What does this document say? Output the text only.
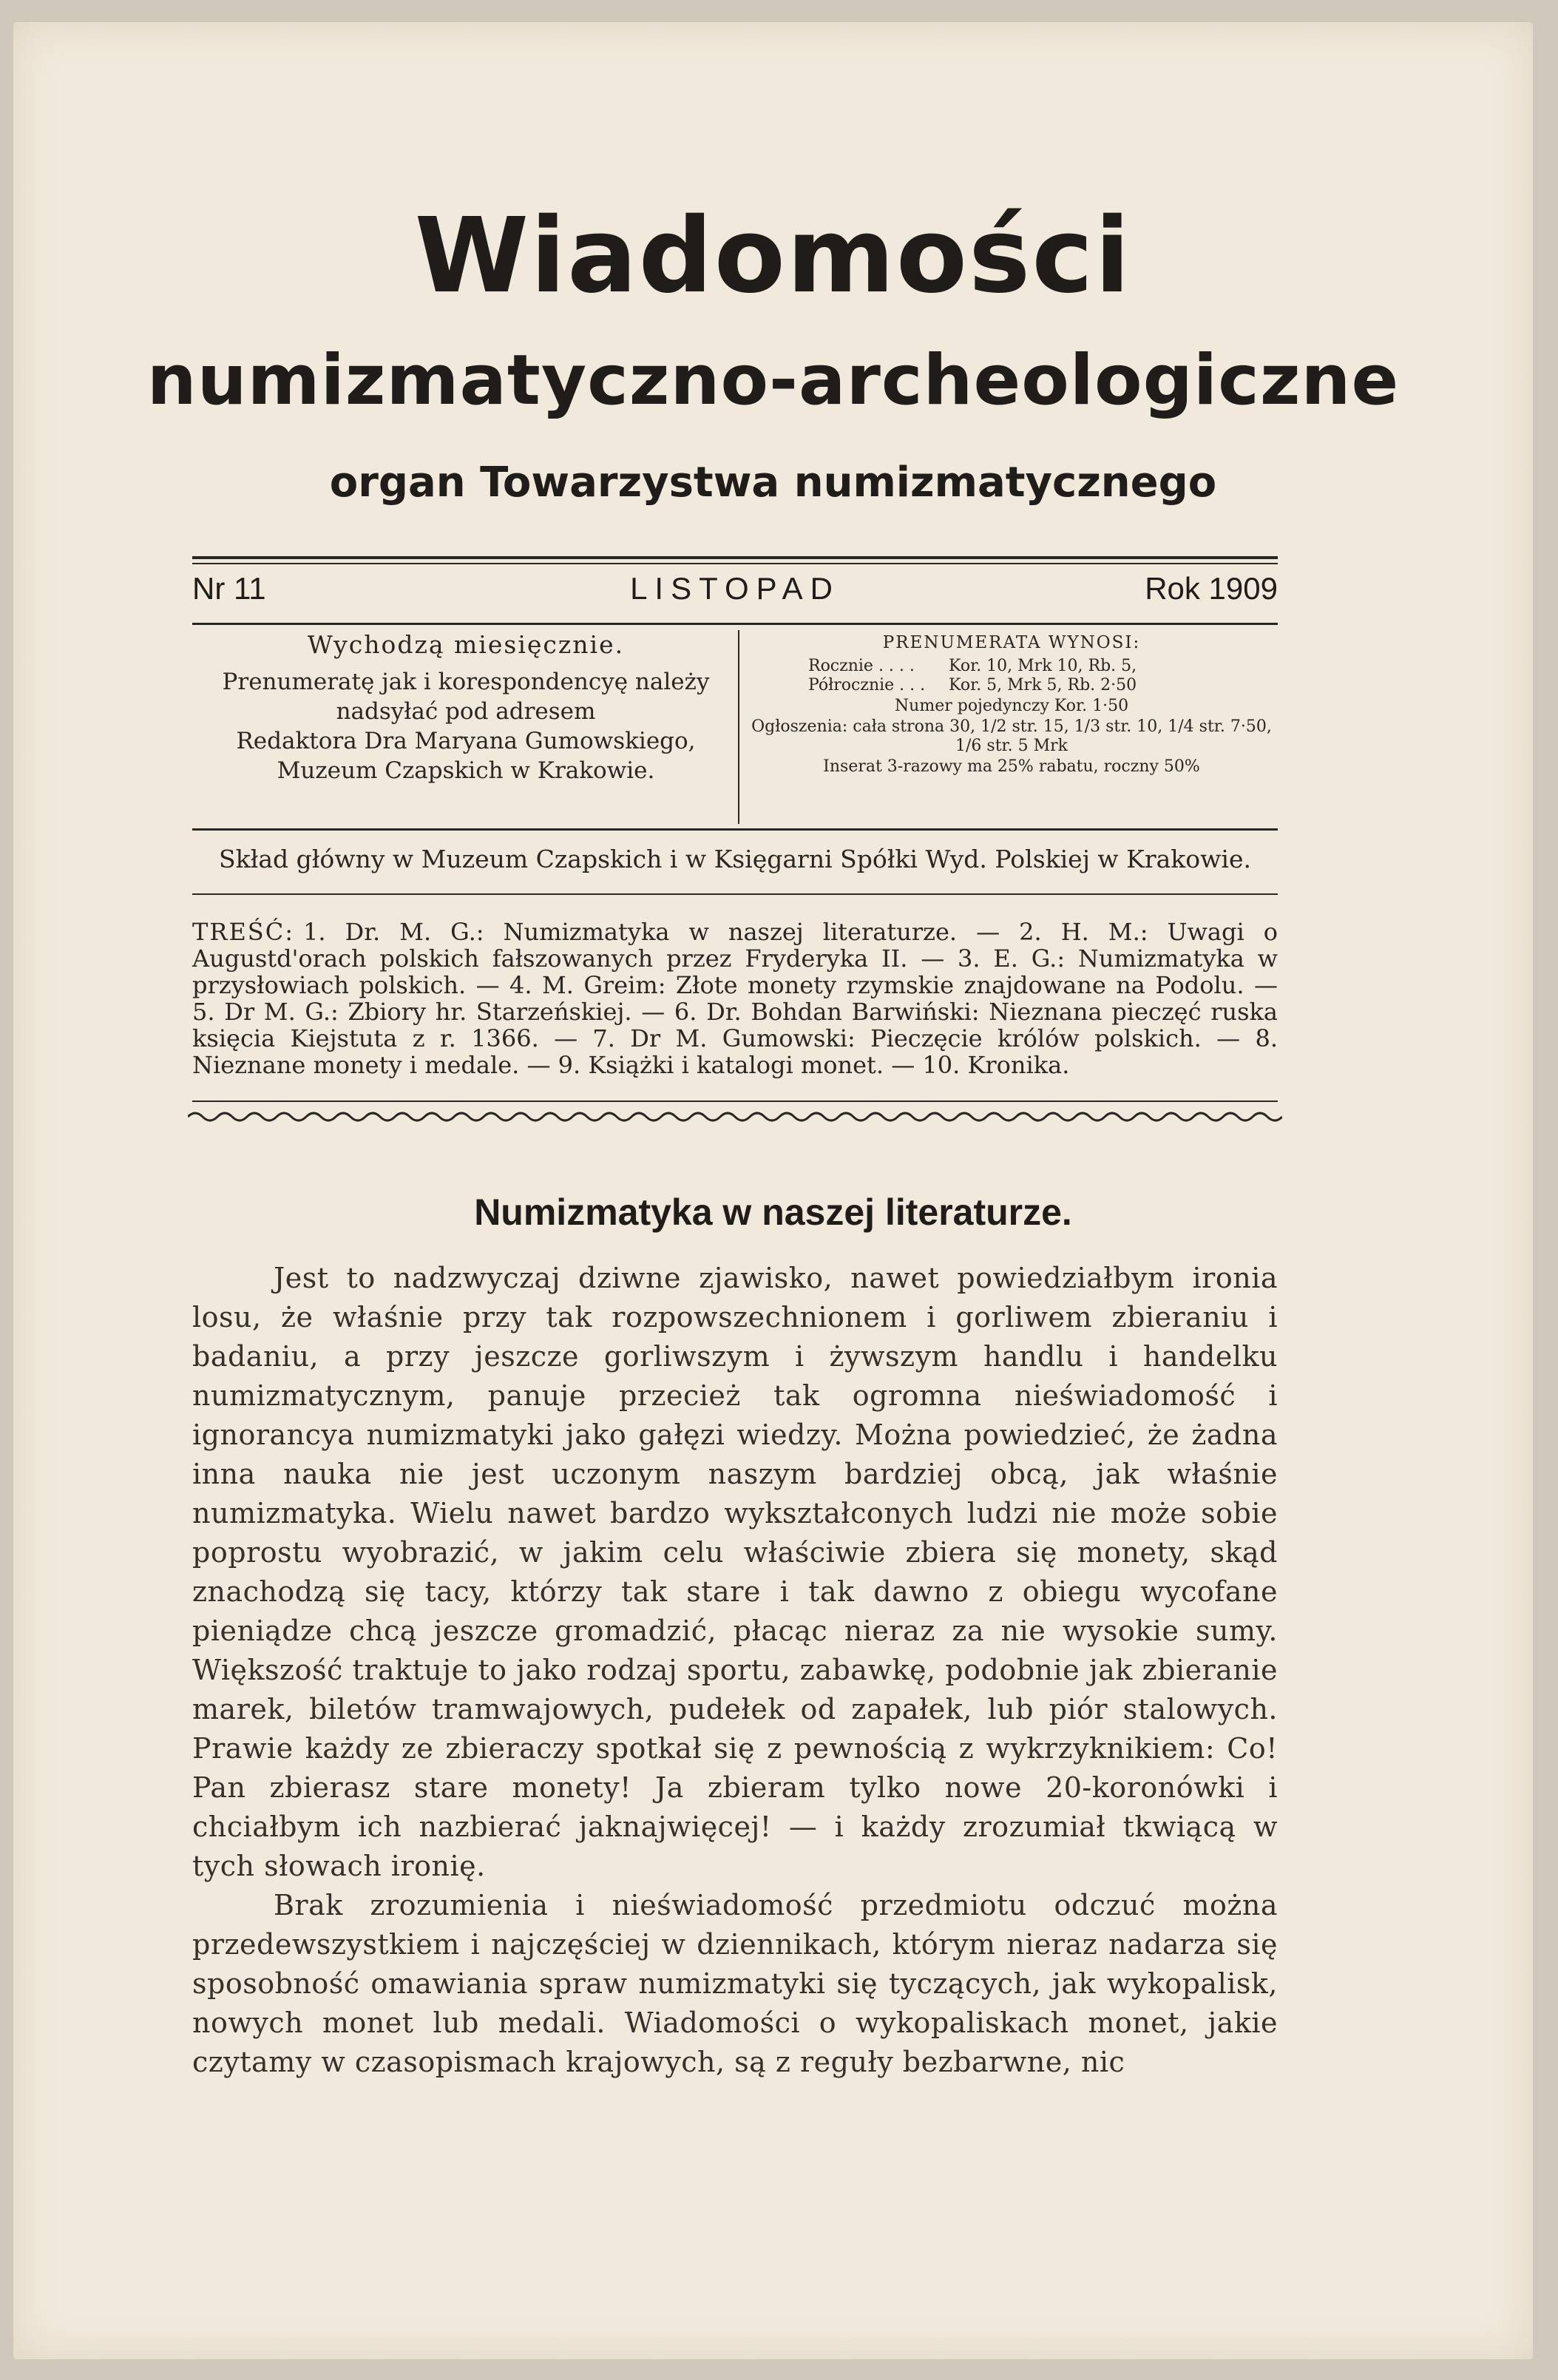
Wiadomości
numizmatyczno-archeologiczne
organ Towarzystwa numizmatycznego
Nr 11	LISTOPAD	Rok 1909
Wychodzą miesięcznie.
Prenumeratę jak i korespondencyę należy
nadsyłać pod adresem
Redaktora Dra Maryana Gumowskiego,
Muzeum Czapskich w Krakowie.
PRENUMERATA WYNOSI:
Rocznie . . . .	Kor. 10, Mrk 10, Rb. 5,
Półrocznie . . .	Kor. 5, Mrk 5, Rb. 2·50
Numer pojedynczy Kor. 1·50
Ogłoszenia: cała strona 30, 1/2 str. 15, 1/3 str. 10, 1/4 str. 7·50, 1/6 str. 5 Mrk
Inserat 3-razowy ma 25% rabatu, roczny 50%
Skład główny w Muzeum Czapskich i w Księgarni Spółki Wyd. Polskiej w Krakowie.
TREŚĆ: 1. Dr. M. G.: Numizmatyka w naszej literaturze. — 2. H. M.: Uwagi o Augustd'orach polskich fałszowanych przez Fryderyka II. — 3. E. G.: Numizmatyka w przysłowiach polskich. — 4. M. Greim: Złote monety rzymskie znajdowane na Podolu. — 5. Dr M. G.: Zbiory hr. Starzeńskiej. — 6. Dr. Bohdan Barwiński: Nieznana pieczęć ruska księcia Kiejstuta z r. 1366. — 7. Dr M. Gumowski: Pieczęcie królów polskich. — 8. Nieznane monety i medale. — 9. Książki i katalogi monet. — 10. Kronika.
Numizmatyka w naszej literaturze.

Jest to nadzwyczaj dziwne zjawisko, nawet powiedziałbym ironia losu, że właśnie przy tak rozpowszechnionem i gorliwem zbieraniu i badaniu, a przy jeszcze gorliwszym i żywszym handlu i handelku numizmatycznym, panuje przecież tak ogromna nieświadomość i ignorancya numizmatyki jako gałęzi wiedzy. Można powiedzieć, że żadna inna nauka nie jest uczonym naszym bardziej obcą, jak właśnie numizmatyka. Wielu nawet bardzo wykształconych ludzi nie może sobie poprostu wyobrazić, w jakim celu właściwie zbiera się monety, skąd znachodzą się tacy, którzy tak stare i tak dawno z obiegu wycofane pieniądze chcą jeszcze gromadzić, płacąc nieraz za nie wysokie sumy. Większość traktuje to jako rodzaj sportu, zabawkę, podobnie jak zbieranie marek, biletów tramwajowych, pudełek od zapałek, lub piór stalowych. Prawie każdy ze zbieraczy spotkał się z pewnością z wykrzyknikiem: Co! Pan zbierasz stare monety! Ja zbieram tylko nowe 20-koronówki i chciałbym ich nazbierać jaknajwięcej! — i każdy zrozumiał tkwiącą w tych słowach ironię.

Brak zrozumienia i nieświadomość przedmiotu odczuć można przedewszystkiem i najczęściej w dziennikach, którym nieraz nadarza się sposobność omawiania spraw numizmatyki się tyczących, jak wykopalisk, nowych monet lub medali. Wiadomości o wykopaliskach monet, jakie czytamy w czasopismach krajowych, są z reguły bezbarwne, nic
